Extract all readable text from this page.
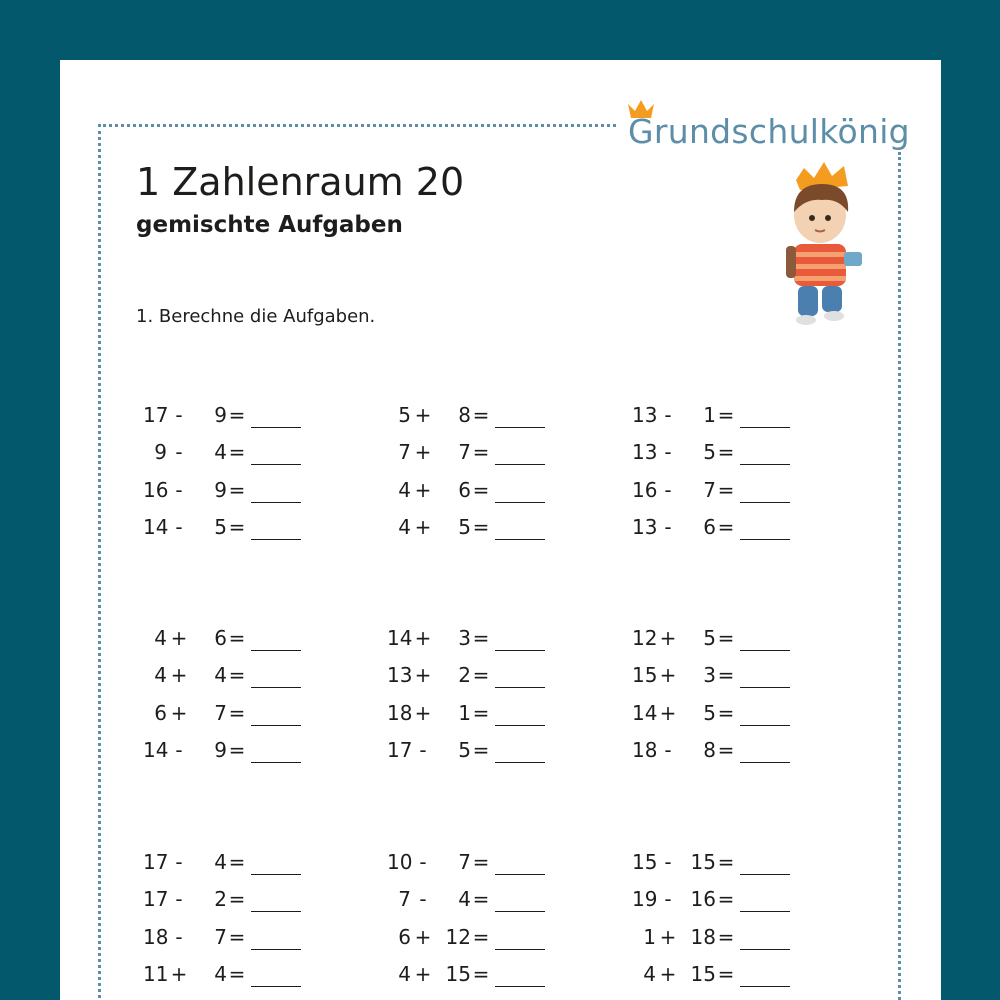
Grundschulkönig
1 Zahlenraum 20
gemischte Aufgaben

1. Berechne die Aufgaben.

17 - 9=
9 - 4=
16 - 9=
14 - 5=
5 + 8=
7 + 7=
4 + 6=
4 + 5=
13 - 1=
13 - 5=
16 - 7=
13 - 6=
4 + 6=
4 + 4=
6 + 7=
14 - 9=
14 + 3=
13 + 2=
18 + 1=
17 - 5=
12 + 5=
15 + 3=
14 + 5=
18 - 8=
17 - 4=
17 - 2=
18 - 7=
11 + 4=
10 - 7=
7 - 4=
6 + 12=
4 + 15=
15 - 15=
19 - 16=
1 + 18=
4 + 15=
